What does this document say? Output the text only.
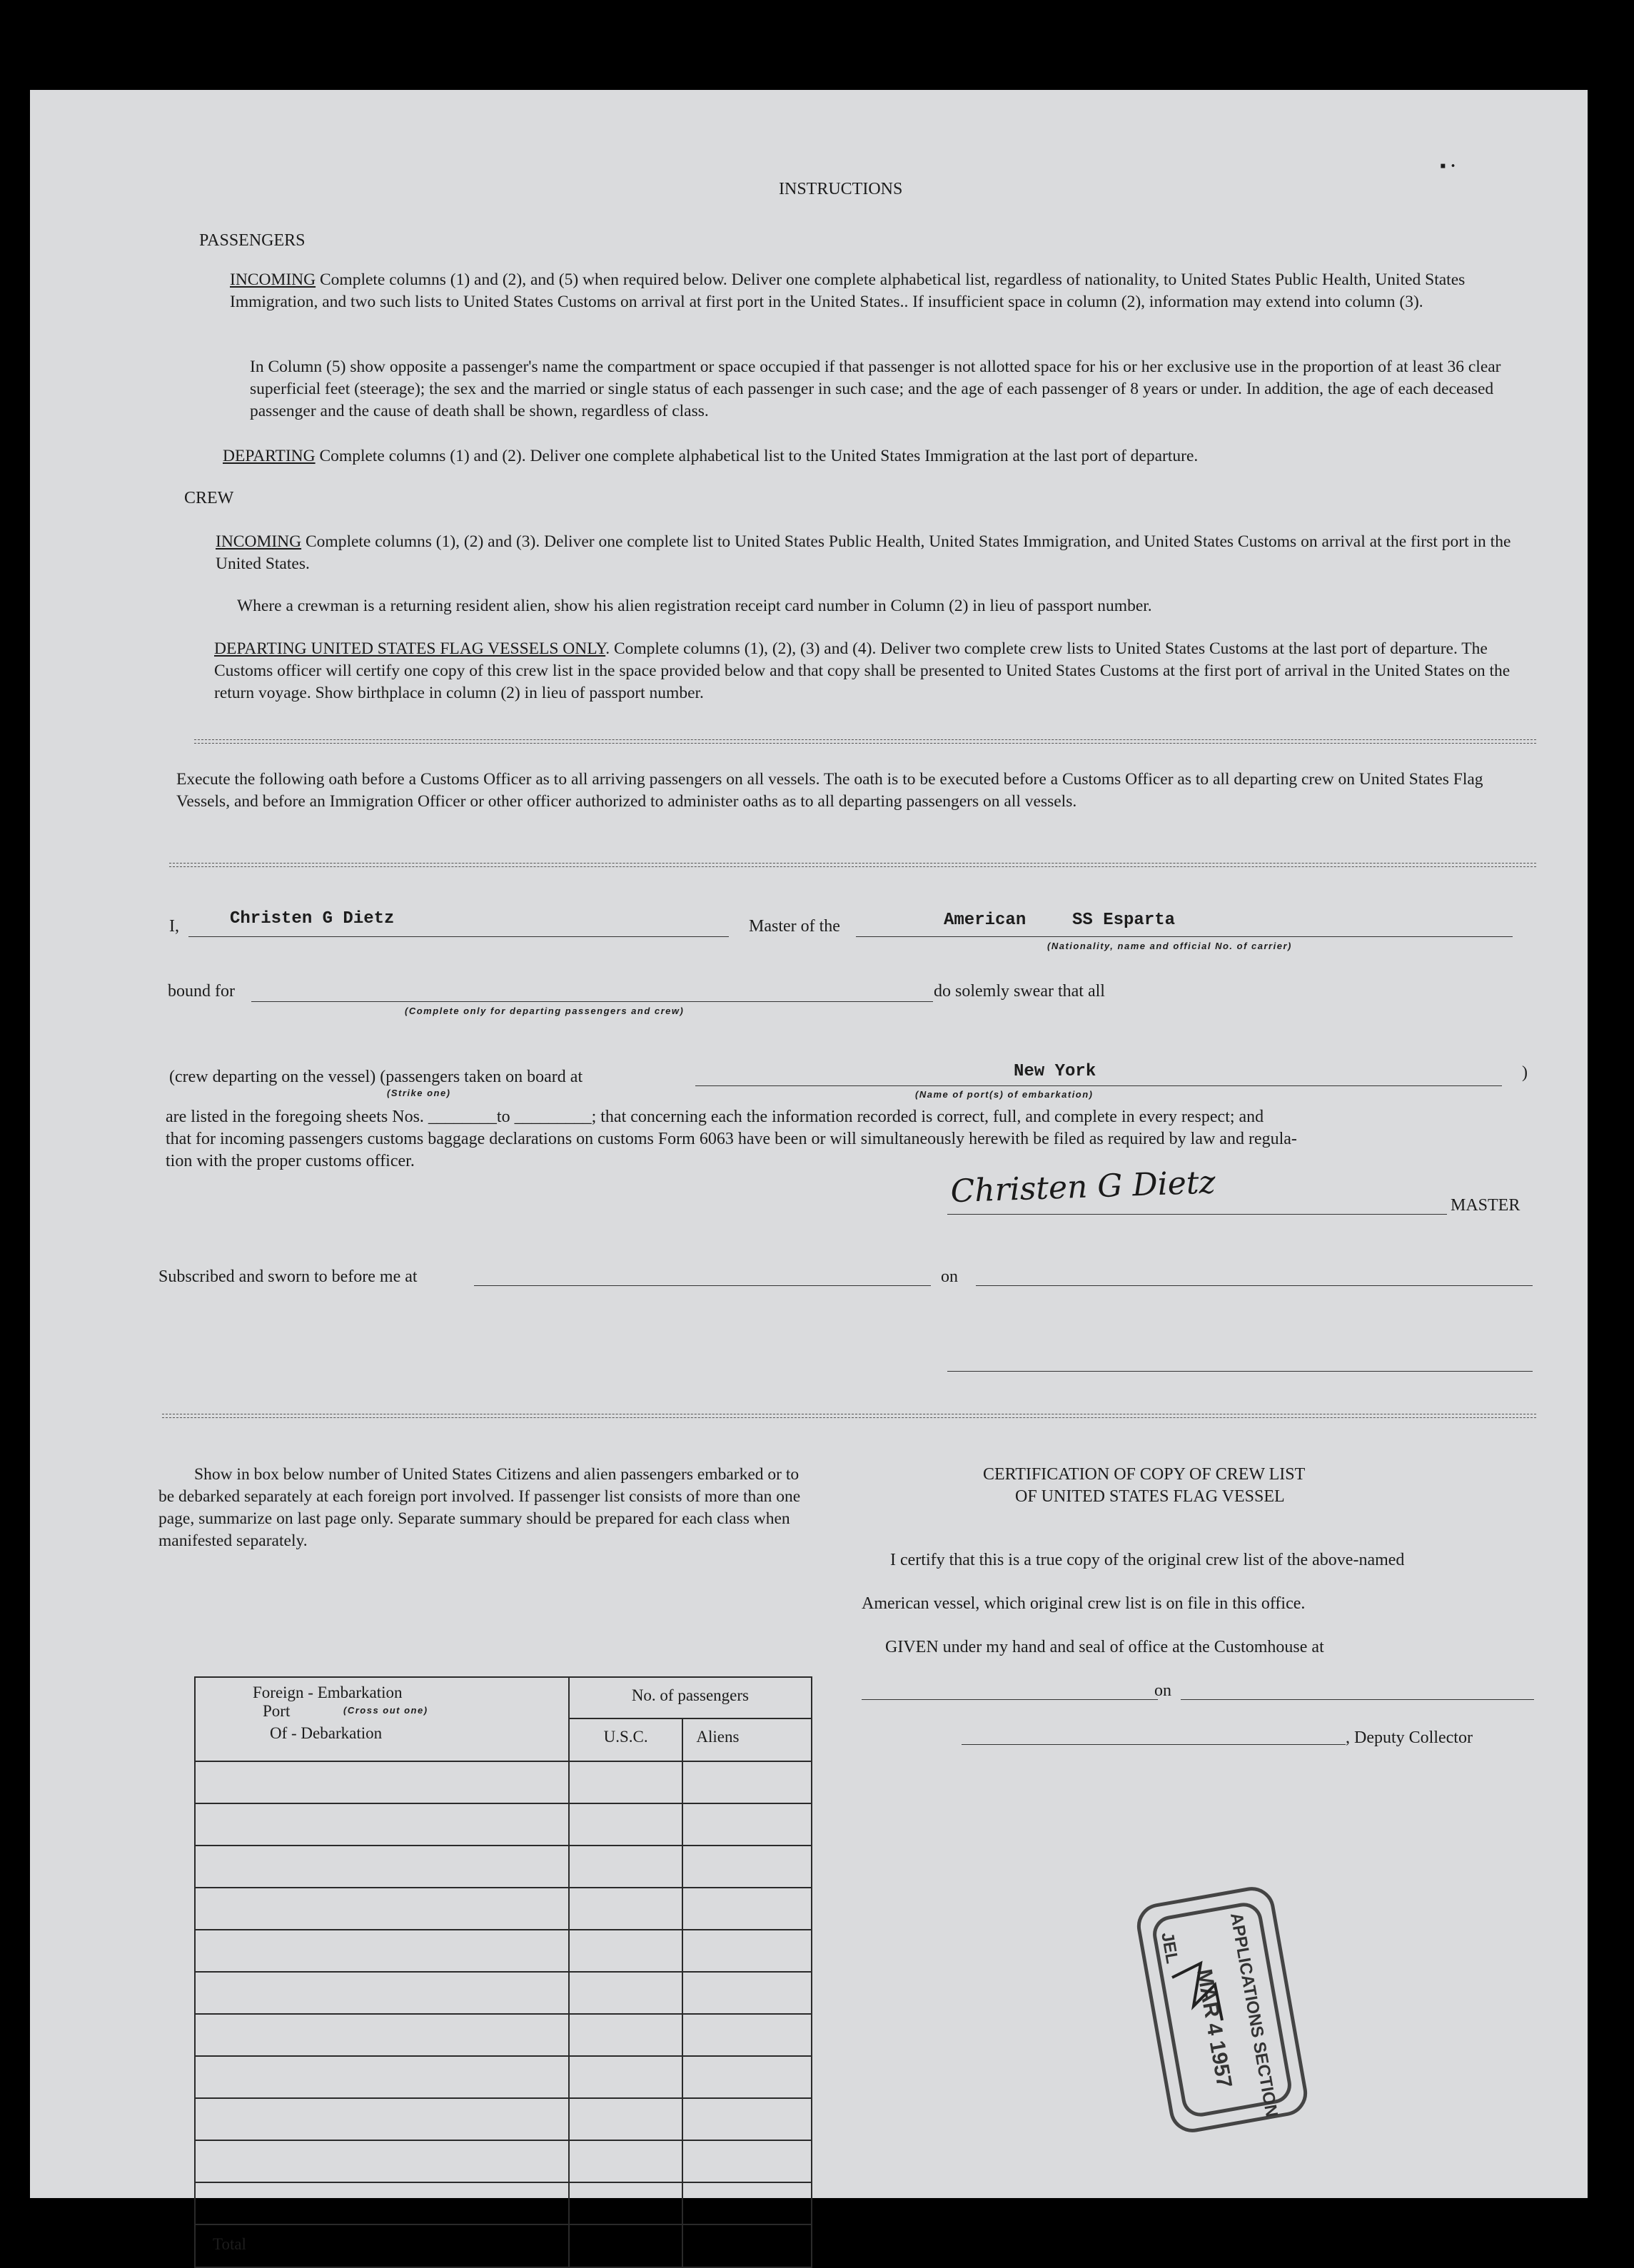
INSTRUCTIONS
▪ ·
PASSENGERS
INCOMING Complete columns (1) and (2), and (5) when required below. Deliver one complete alphabetical list, regardless of nationality, to United States Public Health, United States Immigration, and two such lists to United States Customs on arrival at first port in the United States.. If insufficient space in column (2), information may extend into column (3).
In Column (5) show opposite a passenger's name the compartment or space occupied if that passenger is not allotted space for his or her exclusive use in the proportion of at least 36 clear superficial feet (steerage); the sex and the married or single status of each passenger in such case; and the age of each passenger of 8 years or under. In addition, the age of each deceased passenger and the cause of death shall be shown, regardless of class.
DEPARTING Complete columns (1) and (2). Deliver one complete alphabetical list to the United States Immigration at the last port of departure.
CREW
INCOMING Complete columns (1), (2) and (3). Deliver one complete list to United States Public Health, United States Immigration, and United States Customs on arrival at the first port in the United States.
Where a crewman is a returning resident alien, show his alien registration receipt card number in Column (2) in lieu of passport number.
DEPARTING UNITED STATES FLAG VESSELS ONLY. Complete columns (1), (2), (3) and (4). Deliver two complete crew lists to United States Customs at the last port of departure. The Customs officer will certify one copy of this crew list in the space provided below and that copy shall be presented to United States Customs at the first port of arrival in the United States on the return voyage. Show birthplace in column (2) in lieu of passport number.
Execute the following oath before a Customs Officer as to all arriving passengers on all vessels. The oath is to be executed before a Customs Officer as to all departing crew on United States Flag Vessels, and before an Immigration Officer or other officer authorized to administer oaths as to all departing passengers on all vessels.
I,	Christen G Dietz	Master of the	American	SS Esparta
(Nationality, name and official No. of carrier)
bound for	do solemly swear that all
(Complete only for departing passengers and crew)
(crew departing on the vessel) (passengers taken on board at
(Strike one)
New York	)
(Name of port(s) of embarkation)
are listed in the foregoing sheets Nos. ________to _________; that concerning each the information recorded is correct, full, and complete in every respect; and
that for incoming passengers customs baggage declarations on customs Form 6063 have been or will simultaneously herewith be filed as required by law and regula-
tion with the proper customs officer.
Christen G Dietz	MASTER
Subscribed and sworn to before me at	on
Show in box below number of United States Citizens and alien passengers embarked or to be debarked separately at each foreign port involved. If passenger list consists of more than one page, summarize on last page only. Separate summary should be prepared for each class when manifested separately.
Foreign - Embarkation
Port (Cross out one)
Of - Debarkation	No. of passengers	
	U.S.C.	Aliens

Total		
CERTIFICATION OF COPY OF CREW LIST
OF UNITED STATES FLAG VESSEL
I certify that this is a true copy of the original crew list of the above-named
American vessel, which original crew list is on file in this office.
GIVEN under my hand and seal of office at the Customhouse at
on
, Deputy Collector
APPLICATIONS SECTION
MAR 4 1957
JEL
